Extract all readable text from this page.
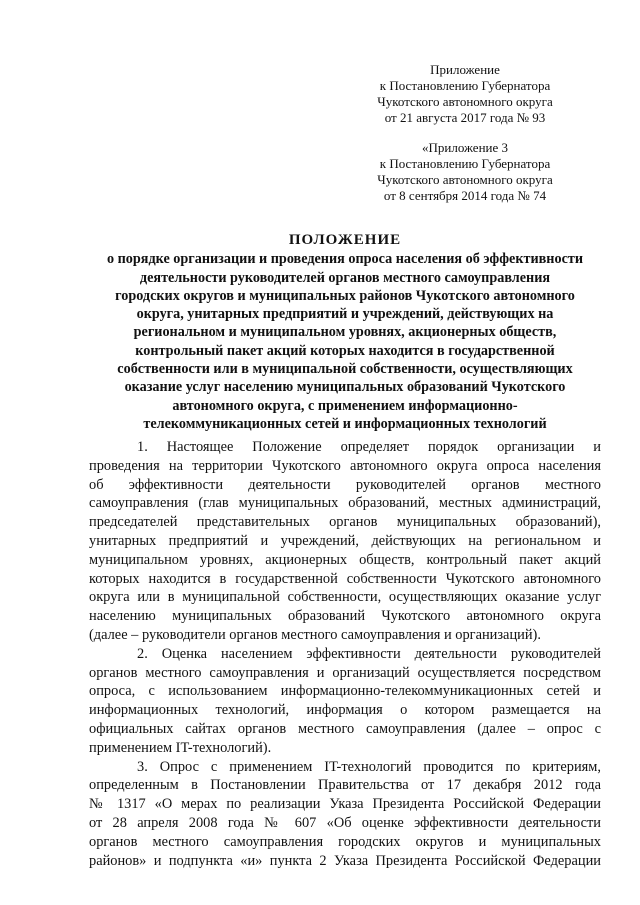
Приложение
к Постановлению Губернатора
Чукотского автономного округа
от 21 августа 2017 года № 93
«Приложение 3
к Постановлению Губернатора
Чукотского автономного округа
от 8 сентября 2014 года № 74
ПОЛОЖЕНИЕ
о порядке организации и проведения опроса населения об эффективности
деятельности руководителей органов местного самоуправления
городских округов и муниципальных районов Чукотского автономного
округа, унитарных предприятий и учреждений, действующих на
региональном и муниципальном уровнях, акционерных обществ,
контрольный пакет акций которых находится в государственной
собственности или в муниципальной собственности, осуществляющих
оказание услуг населению муниципальных образований Чукотского
автономного округа, с применением информационно-
телекоммуникационных сетей и информационных технологий
1. Настоящее Положение определяет порядок организации и
проведения на территории Чукотского автономного округа опроса населения
об эффективности деятельности руководителей органов местного
самоуправления (глав муниципальных образований, местных администраций,
председателей представительных органов муниципальных образований),
унитарных предприятий и учреждений, действующих на региональном и
муниципальном уровнях, акционерных обществ, контрольный пакет акций
которых находится в государственной собственности Чукотского автономного
округа или в муниципальной собственности, осуществляющих оказание услуг
населению муниципальных образований Чукотского автономного округа
(далее – руководители органов местного самоуправления и организаций).
2. Оценка населением эффективности деятельности руководителей
органов местного самоуправления и организаций осуществляется посредством
опроса, с использованием информационно-телекоммуникационных сетей и
информационных технологий, информация о котором размещается на
официальных сайтах органов местного самоуправления (далее – опрос с
применением IT-технологий).
3. Опрос с применением IT-технологий проводится по критериям,
определенным в Постановлении Правительства от 17 декабря 2012 года
№ 1317 «О мерах по реализации Указа Президента Российской Федерации
от 28 апреля 2008 года № 607 «Об оценке эффективности деятельности
органов местного самоуправления городских округов и муниципальных
районов» и подпункта «и» пункта 2 Указа Президента Российской Федерации
